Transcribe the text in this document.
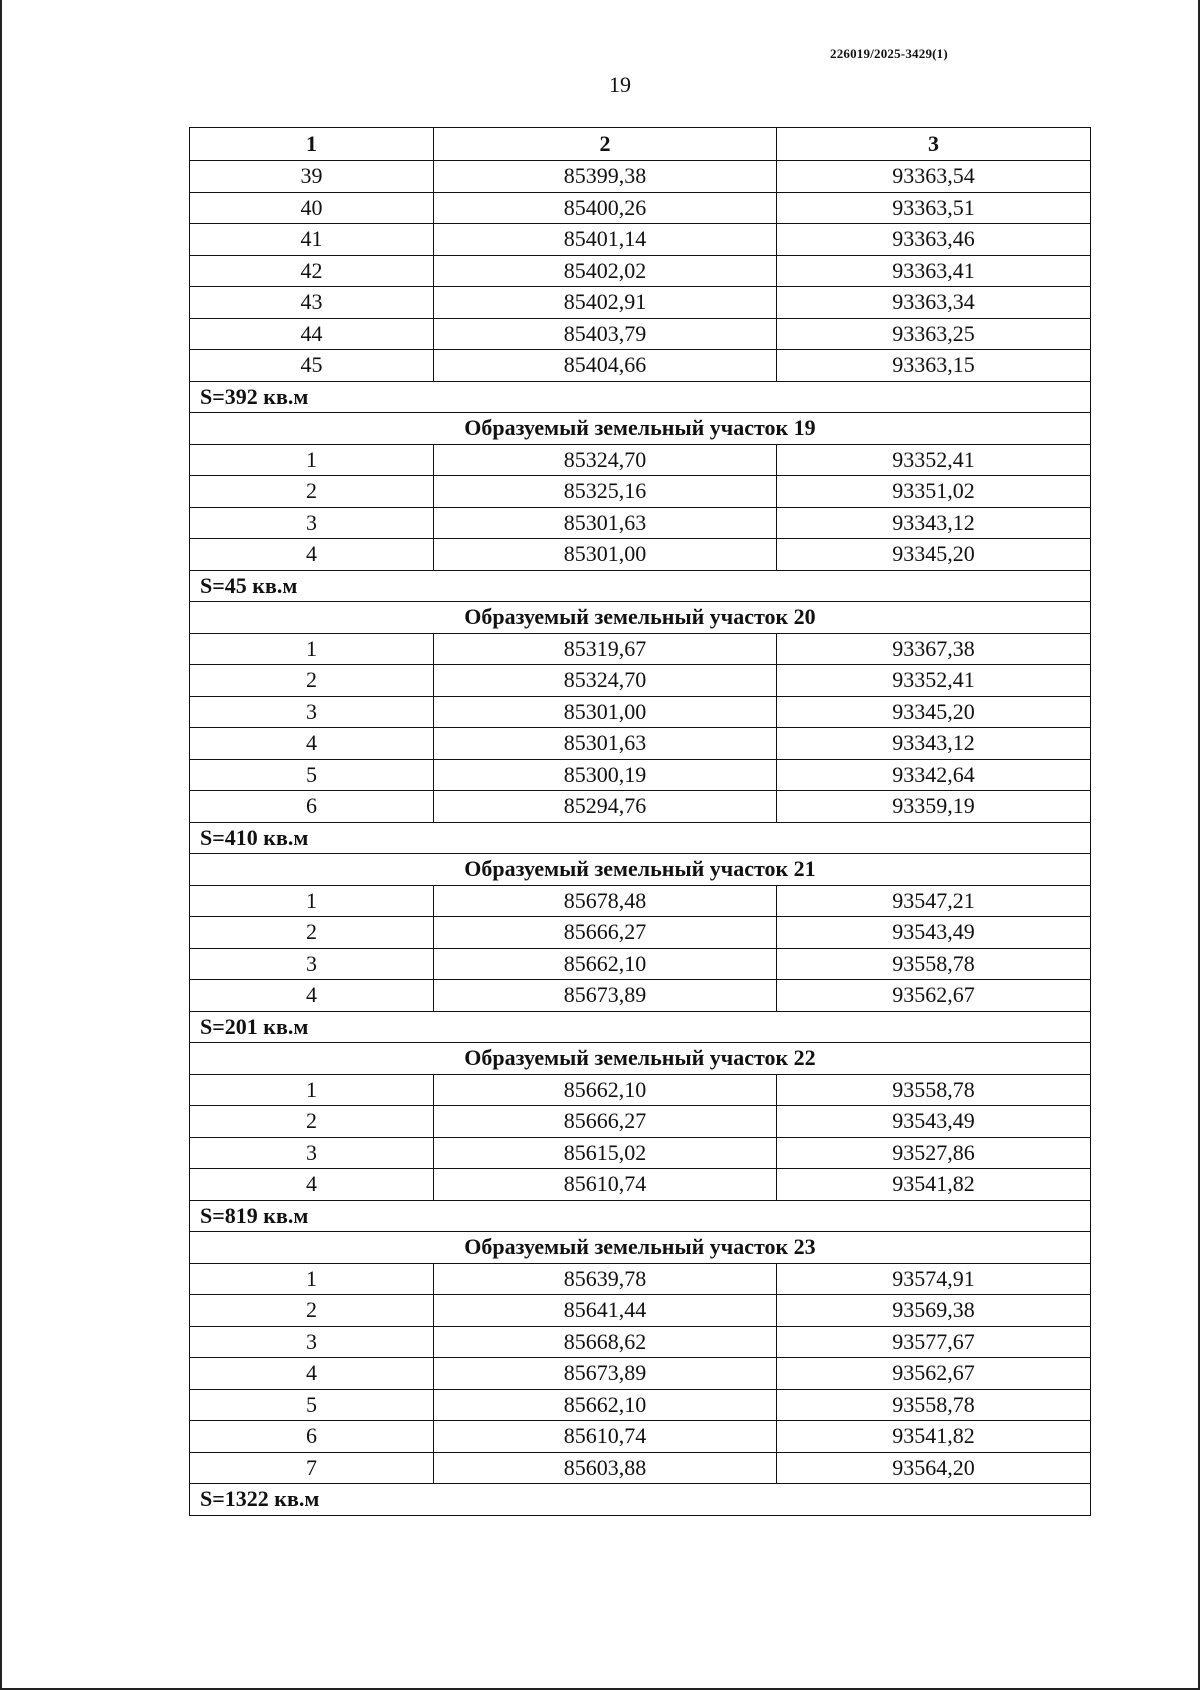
226019/2025-3429(1)
19
1	2	3
39	85399,38	93363,54
40	85400,26	93363,51
41	85401,14	93363,46
42	85402,02	93363,41
43	85402,91	93363,34
44	85403,79	93363,25
45	85404,66	93363,15
S=392 кв.м		
Образуемый земельный участок 19		
1	85324,70	93352,41
2	85325,16	93351,02
3	85301,63	93343,12
4	85301,00	93345,20
S=45 кв.м		
Образуемый земельный участок 20		
1	85319,67	93367,38
2	85324,70	93352,41
3	85301,00	93345,20
4	85301,63	93343,12
5	85300,19	93342,64
6	85294,76	93359,19
S=410 кв.м		
Образуемый земельный участок 21		
1	85678,48	93547,21
2	85666,27	93543,49
3	85662,10	93558,78
4	85673,89	93562,67
S=201 кв.м		
Образуемый земельный участок 22		
1	85662,10	93558,78
2	85666,27	93543,49
3	85615,02	93527,86
4	85610,74	93541,82
S=819 кв.м		
Образуемый земельный участок 23		
1	85639,78	93574,91
2	85641,44	93569,38
3	85668,62	93577,67
4	85673,89	93562,67
5	85662,10	93558,78
6	85610,74	93541,82
7	85603,88	93564,20
S=1322 кв.м		
